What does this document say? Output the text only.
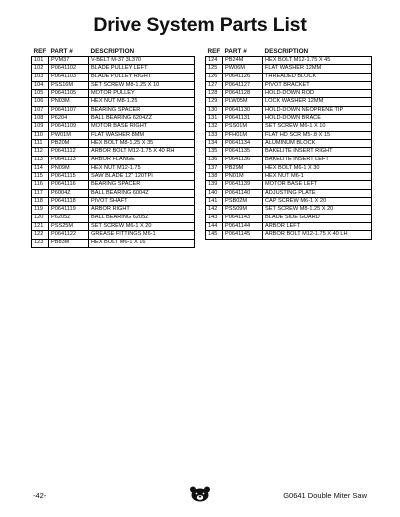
Drive System Parts List
REF	PART #	DESCRIPTION
101	PVM37	V-BELT M-37 3L370
102	P0641102	BLADE PULLEY LEFT
103	P0641103	BLADE PULLEY RIGHT
104	PSS16M	SET SCREW M8-1.25 X 10
105	P0641105	MOTOR PULLEY
106	PN03M	HEX NUT M8-1.25
107	P0641107	BEARING SPACER
108	P6204	BALL BEARING 6204ZZ
109	P0641109	MOTOR BASE RIGHT
110	PW01M	FLAT WASHER 8MM
111	PB20M	HEX BOLT M8-1.25 X 35
112	P0641112	ARBOR BOLT M12-1.75 X 40 RH
113	P0641113	ARBOR FLANGE
114	PN09M	HEX NUT M12-1.75
115	P0641115	SAW BLADE 12" 120TPI
116	P0641116	BEARING SPACER
117	P6004Z	BALL BEARING 6004Z
118	P0641118	PIVOT SHAFT
119	P0641119	ARBOR RIGHT
120	P6205Z	BALL BEARING 6205Z
121	PSS25M	SET SCREW M6-1 X 20
122	P0641122	GREASE FITTINGS M6-1
123	PB83M	HEX BOLT M6-1 X 16
REF	PART #	DESCRIPTION
124	PB24M	HEX BOLT M12-1.75 X 45
125	PW06M	FLAT WASHER 12MM
126	P0641126	THREADED BLOCK
127	P0641127	PIVOT BRACKET
128	P0641128	HOLD-DOWN ROD
129	PLW05M	LOCK WASHER 12MM
130	P0641130	HOLD-DOWN NEOPRENE TIP
131	P0641131	HOLD-DOWN BRACE
132	PSS01M	SET SCREW M6-1 X 10
133	PFH01M	FLAT HD SCR M5-.8 X 15
134	P0641134	ALUMINUM BLOCK
135	P0641135	BAKELITE INSERT RIGHT
136	P0641136	BAKELITE INSERT LEFT
137	PB29M	HEX BOLT M6-1 X 30
138	PN01M	HEX NUT M6-1
139	P0641139	MOTOR BASE LEFT
140	P0641140	ADJUSTING PLATE
141	PSB02M	CAP SCREW M6-1 X 20
142	PSS09M	SET SCREW M8-1.25 X 20
143	P0641143	BLADE SIDE GUARD
144	P0641144	ARBOR LEFT
145	P0641145	ARBOR BOLT M12-1.75 X 40 LH
-42-	G0641 Double Miter Saw
